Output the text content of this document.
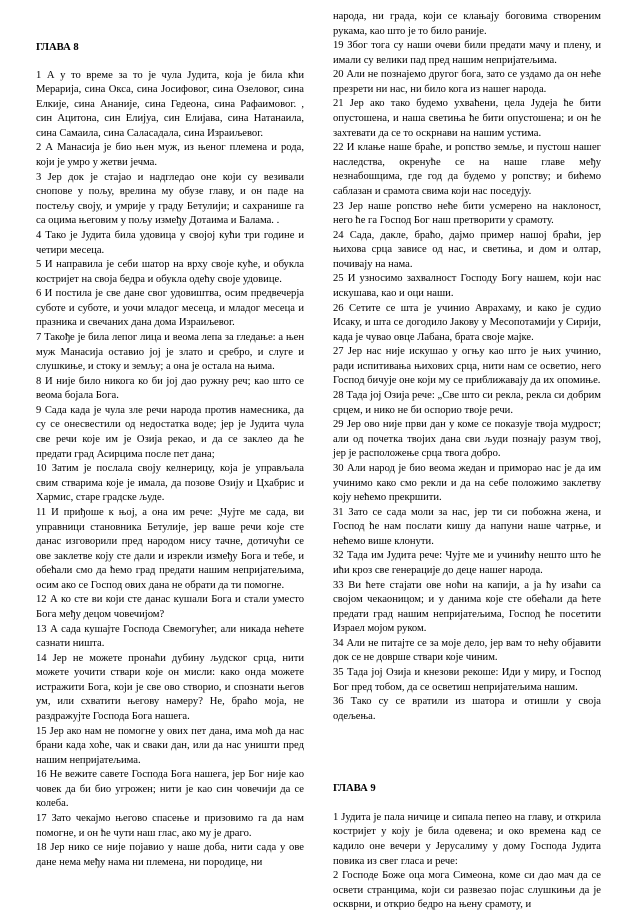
ГЛАВА 8

1 А у то време за то је чула Јудита, која је била кћи Мерарија, сина Окса, сина Јосифовог, сина Озеловог, сина Елкије, сина Ананије, сина Гедеона, сина Рафаимовог. , син Ацитона, син Елијуа, син Елијава, сина Натанаила, сина Самаила, сина Саласадала, сина Израиљевог.

2 А Манасија је био њен муж, из њеног племена и рода, који је умро у жетви јечма.

3 Јер док је стајао и надгледао оне који су везивали снопове у пољу, врелина му обузе главу, и он паде на постељу своју, и умрије у граду Бетулији; и сахранише га са оцима његовим у пољу између Дотаима и Балама. .

4 Тако је Јудита била удовица у својој кући три године и четири месеца.

5 И направила је себи шатор на врху своје куће, и обукла костријет на своја бедра и обукла одећу своје удовице.

6 И постила је све дане свог удовиштва, осим предвечерја суботе и суботе, и уочи младог месеца, и младог месеца и празника и свечаних дана дома Израиљевог.

7 Такође је била лепог лица и веома лепа за гледање: а њен муж Манасија оставио јој је злато и сребро, и слуге и слушкиње, и стоку и земљу; а она је остала на њима.

8 И није било никога ко би јој дао ружну реч; као што се веома бојала Бога.

9 Сада када је чула зле речи народа против намесника, да су се онесвестили од недостатка воде; јер је Јудита чула све речи које им је Озија рекао, и да се заклео да ће предати град Асирцима после пет дана;

10 Затим је послала своју келнерицу, која је управљала свим стварима које је имала, да позове Озију и Цхабрис и Хармис, старе градске људе.

11 И приђоше к њој, а она им рече: „Чујте ме сада, ви управници становника Бетулије, јер ваше речи које сте данас изговорили пред народом нису тачне, дотичући се ове заклетве коју сте дали и изрекли између Бога и тебе, и обећали смо да ћемо град предати нашим непријатељима, осим ако се Господ ових дана не обрати да ти помогне.

12 А ко сте ви који сте данас кушали Бога и стали уместо Бога међу децом човечијом?

13 А сада кушајте Господа Свемогућег, али никада нећете сазнати ништа.

14 Јер не можете пронаћи дубину људског срца, нити можете уочити ствари које он мисли: како онда можете истражити Бога, који је све ово створио, и спознати његов ум, или схватити његову намеру? Не, браћо моја, не раздражујте Господа Бога нашега.

15 Јер ако нам не помогне у ових пет дана, има моћ да нас брани када хоће, чак и сваки дан, или да нас уништи пред нашим непријатељима.

16 Не вежите савете Господа Бога нашега, јер Бог није као човек да би био угрожен; нити је као син човечији да се колеба.

17 Зато чекајмо његово спасење и призовимо га да нам помогне, и он ће чути наш глас, ако му је драго.

18 Јер нико се није појавио у наше доба, нити сада у ове дане нема међу нама ни племена, ни породице, ни

народа, ни града, који се клањају боговима створеним рукама, као што је то било раније.

19 Због тога су наши очеви били предати мачу и плену, и имали су велики пад пред нашим непријатељима.

20 Али не познајемо другог бога, зато се уздамо да он неће презрети ни нас, ни било кога из нашег народа.

21 Јер ако тако будемо ухваћени, цела Јудеја ће бити опустошена, и наша светиња ће бити опустошена; и он ће захтевати да се то оскрнави на нашим устима.

22 И клање наше браће, и ропство земље, и пустош нашег наследства, окренуће се на наше главе међу незнабошцима, где год да будемо у ропству; и бићемо саблазан и срамота свима који нас поседују.

23 Јер наше ропство неће бити усмерено на наклоност, него ће га Господ Бог наш претворити у срамоту.

24 Сада, дакле, браћо, дајмо пример нашој браћи, јер њихова срца зависе од нас, и светиња, и дом и олтар, почивају на нама.

25 И узносимо захвалност Господу Богу нашем, који нас искушава, као и оци наши.

26 Сетите се шта је учинио Аврахаму, и како је судио Исаку, и шта се догодило Јакову у Месопотамији у Сирији, када је чувао овце Лабана, брата своје мајке.

27 Јер нас није искушао у огњу као што је њих учинио, ради испитивања њихових срца, нити нам се осветио, него Господ бичује оне који му се приближавају да их опомиње.

28 Тада јој Озија рече: „Све што си рекла, рекла си добрим срцем, и нико не би оспорио твоје речи.

29 Јер ово није први дан у коме се показује твоја мудрост; али од почетка твојих дана сви људи познају разум твој, јер је расположење срца твога добро.

30 Али народ је био веома жедан и приморао нас је да им учинимо како смо рекли и да на себе положимо заклетву коју нећемо прекршити.

31 Зато се сада моли за нас, јер ти си побожна жена, и Господ ће нам послати кишу да напуни наше чатрње, и нећемо више клонути.

32 Тада им Јудита рече: Чујте ме и учинићу нешто што ће ићи кроз све генерације до деце нашег народа.

33 Ви ћете стајати ове ноћи на капији, а ја ћу изаћи са својом чекаоницом; и у данима које сте обећали да ћете предати град нашим непријатељима, Господ ће посетити Израел мојом руком.

34 Али не питајте се за моје дело, јер вам то нећу објавити док се не доврше ствари које чиним.

35 Тада јој Озија и кнезови рекоше: Иди у миру, и Господ Бог пред тобом, да се осветиш непријатељима нашим.

36 Тако су се вратили из шатора и отишли у своја одељења.

ГЛАВА 9

1 Јудита је пала ничице и сипала пепео на главу, и открила костријет у коју је била одевена; и око времена кад се кадило оне вечери у Јерусалиму у дому Господа Јудита повика из свег гласа и рече:

2 Господе Боже оца мога Симеона, коме си дао мач да се освети странцима, који си развезао појас слушкињи да је оскврни, и открио бедро на њену срамоту, и
